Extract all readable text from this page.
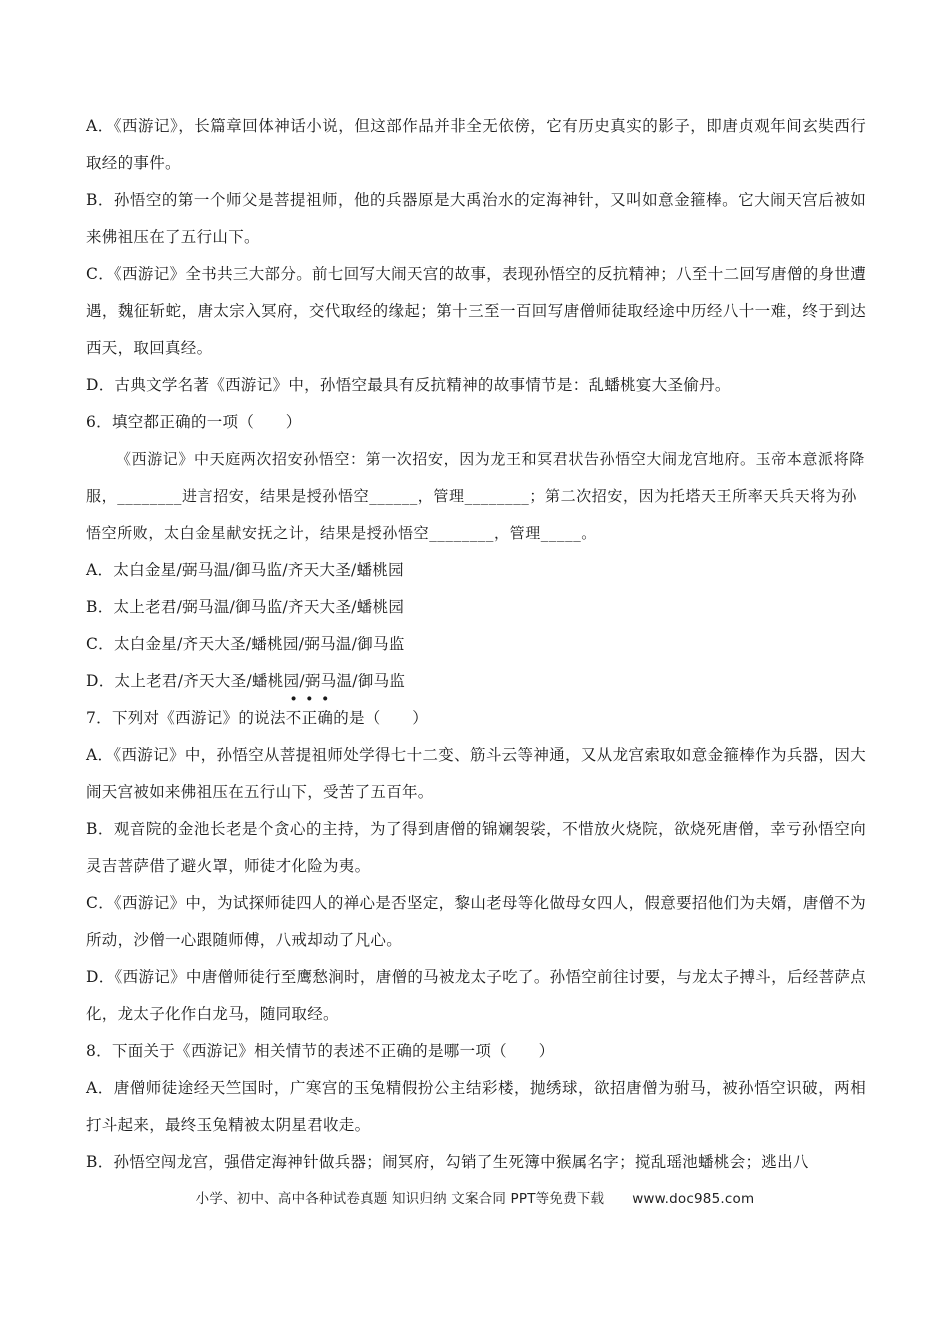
A．《西游记》，长篇章回体神话小说，但这部作品并非全无依傍，它有历史真实的影子，即唐贞观年间玄奘西行取经的事件。

B．孙悟空的第一个师父是菩提祖师，他的兵器原是大禹治水的定海神针，又叫如意金箍棒。它大闹天宫后被如来佛祖压在了五行山下。

C．《西游记》全书共三大部分。前七回写大闹天宫的故事，表现孙悟空的反抗精神；八至十二回写唐僧的身世遭遇，魏征斩蛇，唐太宗入冥府，交代取经的缘起；第十三至一百回写唐僧师徒取经途中历经八十一难，终于到达西天，取回真经。

D．古典文学名著《西游记》中，孙悟空最具有反抗精神的故事情节是：乱蟠桃宴大圣偷丹。

6．填空都正确的一项（　　）

《西游记》中天庭两次招安孙悟空：第一次招安，因为龙王和冥君状告孙悟空大闹龙宫地府。玉帝本意派将降服，________进言招安，结果是授孙悟空______，管理________；第二次招安，因为托塔天王所率天兵天将为孙悟空所败，太白金星献安抚之计，结果是授孙悟空________，管理_____。

A．太白金星/弼马温/御马监/齐天大圣/蟠桃园

B．太上老君/弼马温/御马监/齐天大圣/蟠桃园

C．太白金星/齐天大圣/蟠桃园/弼马温/御马监

D．太上老君/齐天大圣/蟠桃园/弼马温/御马监

7．下列对《西游记》的说法不正确的是（　　）

A．《西游记》中，孙悟空从菩提祖师处学得七十二变、筋斗云等神通，又从龙宫索取如意金箍棒作为兵器，因大闹天宫被如来佛祖压在五行山下，受苦了五百年。

B．观音院的金池长老是个贪心的主持，为了得到唐僧的锦斓袈裟，不惜放火烧院，欲烧死唐僧，幸亏孙悟空向灵吉菩萨借了避火罩，师徒才化险为夷。

C．《西游记》中，为试探师徒四人的禅心是否坚定，黎山老母等化做母女四人，假意要招他们为夫婿，唐僧不为所动，沙僧一心跟随师傅，八戒却动了凡心。

D．《西游记》中唐僧师徒行至鹰愁涧时，唐僧的马被龙太子吃了。孙悟空前往讨要，与龙太子搏斗，后经菩萨点化，龙太子化作白龙马，随同取经。

8．下面关于《西游记》相关情节的表述不正确的是哪一项（　　）

A．唐僧师徒途经天竺国时，广寒宫的玉兔精假扮公主结彩楼，抛绣球，欲招唐僧为驸马，被孙悟空识破，两相打斗起来，最终玉兔精被太阴星君收走。

B．孙悟空闯龙宫，强借定海神针做兵器；闹冥府，勾销了生死簿中猴属名字；搅乱瑶池蟠桃会；逃出八

小学、初中、高中各种试卷真题 知识归纳 文案合同 PPT等免费下载 www.doc985.com
